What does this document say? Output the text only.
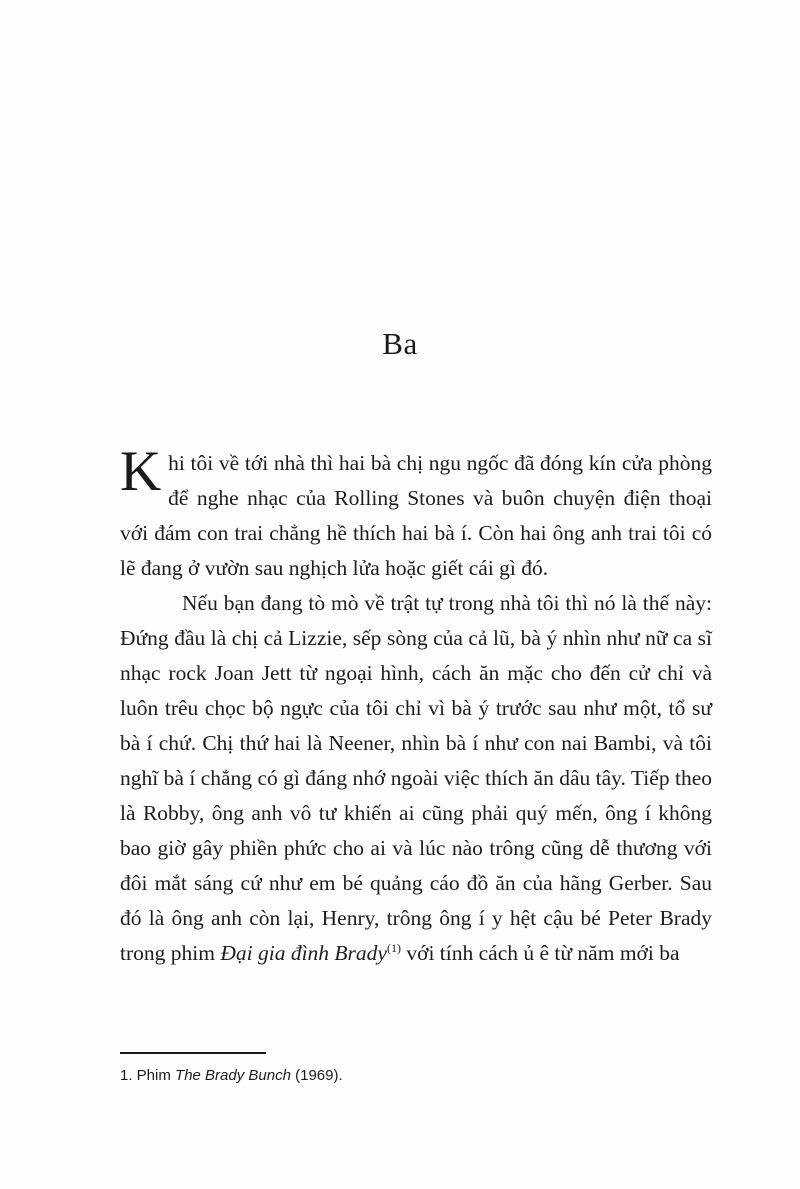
Ba

Khi tôi về tới nhà thì hai bà chị ngu ngốc đã đóng kín cửa phòng để nghe nhạc của Rolling Stones và buôn chuyện điện thoại với đám con trai chẳng hề thích hai bà í. Còn hai ông anh trai tôi có lẽ đang ở vườn sau nghịch lửa hoặc giết cái gì đó.

Nếu bạn đang tò mò về trật tự trong nhà tôi thì nó là thế này: Đứng đầu là chị cả Lizzie, sếp sòng của cả lũ, bà ý nhìn như nữ ca sĩ nhạc rock Joan Jett từ ngoại hình, cách ăn mặc cho đến cử chỉ và luôn trêu chọc bộ ngực của tôi chỉ vì bà ý trước sau như một, tổ sư bà í chứ. Chị thứ hai là Neener, nhìn bà í như con nai Bambi, và tôi nghĩ bà í chẳng có gì đáng nhớ ngoài việc thích ăn dâu tây. Tiếp theo là Robby, ông anh vô tư khiến ai cũng phải quý mến, ông í không bao giờ gây phiền phức cho ai và lúc nào trông cũng dễ thương với đôi mắt sáng cứ như em bé quảng cáo đồ ăn của hãng Gerber. Sau đó là ông anh còn lại, Henry, trông ông í y hệt cậu bé Peter Brady trong phim Đại gia đình Brady$^{(1)}$ với tính cách ủ ê từ năm mới ba

1. Phim The Brady Bunch (1969).
